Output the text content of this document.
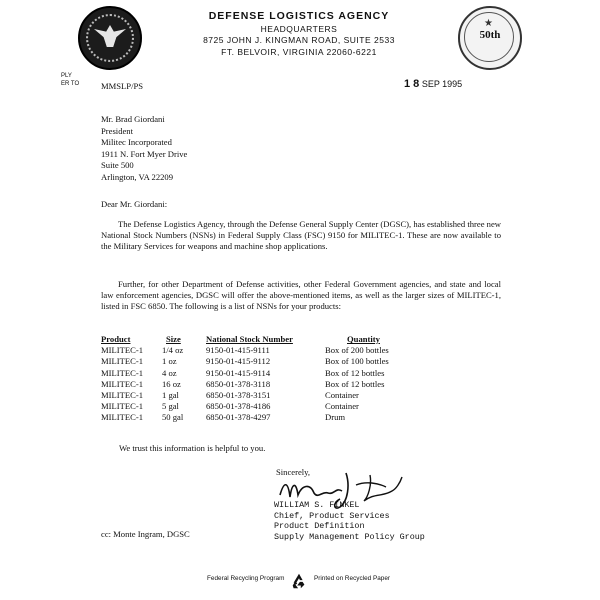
DEFENSE LOGISTICS AGENCY
HEADQUARTERS
8725 JOHN J. KINGMAN ROAD, SUITE 2533
FT. BELVOIR, VIRGINIA 22060-6221
★
50th
PLY
ER TO	MMSLP/PS	1 8 SEP 1995
Mr. Brad Giordani
President
Militec Incorporated
1911 N. Fort Myer Drive
Suite 500
Arlington, VA 22209
Dear Mr. Giordani:

The Defense Logistics Agency, through the Defense General Supply Center (DGSC), has established three new National Stock Numbers (NSNs) in Federal Supply Class (FSC) 9150 for MILITEC-1. These are now available to the Military Services for weapons and machine shop applications.

Further, for other Department of Defense activities, other Federal Government agencies, and state and local law enforcement agencies, DGSC will offer the above-mentioned items, as well as the larger sizes of MILITEC-1, listed in FSC 6850. The following is a list of NSNs for your products:

Product	Size	National Stock Number	Quantity
MILITEC-1	1/4 oz	9150-01-415-9111	Box of 200 bottles
MILITEC-1	1 oz	9150-01-415-9112	Box of 100 bottles
MILITEC-1	4 oz	9150-01-415-9114	Box of 12 bottles
MILITEC-1	16 oz	6850-01-378-3118	Box of 12 bottles
MILITEC-1	1 gal	6850-01-378-3151	Container
MILITEC-1	5 gal	6850-01-378-4186	Container
MILITEC-1	50 gal	6850-01-378-4297	Drum
We trust this information is helpful to you.
Sincerely,
WILLIAM S. FINKEL
Chief, Product Services
Product Definition
Supply Management Policy Group
cc: Monte Ingram, DGSC
Federal Recycling Program	Printed on Recycled Paper
